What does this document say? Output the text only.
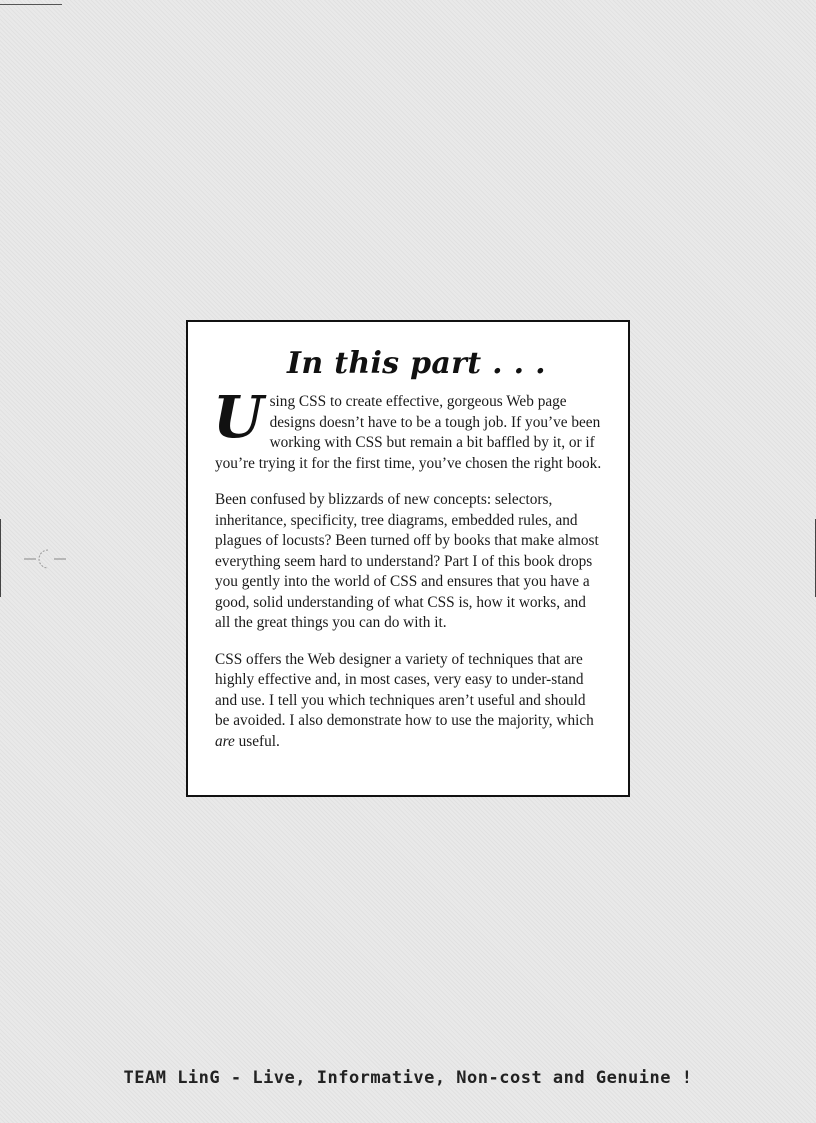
In this part . . .

Using CSS to create effective, gorgeous Web page designs doesn’t have to be a tough job. If you’ve been working with CSS but remain a bit baffled by it, or if you’re trying it for the first time, you’ve chosen the right book.

Been confused by blizzards of new concepts: selectors, inheritance, specificity, tree diagrams, embedded rules, and plagues of locusts? Been turned off by books that make almost everything seem hard to understand? Part I of this book drops you gently into the world of CSS and ensures that you have a good, solid understanding of what CSS is, how it works, and all the great things you can do with it.

CSS offers the Web designer a variety of techniques that are highly effective and, in most cases, very easy to under-stand and use. I tell you which techniques aren’t useful and should be avoided. I also demonstrate how to use the majority, which are useful.

TEAM LinG - Live, Informative, Non-cost and Genuine !
